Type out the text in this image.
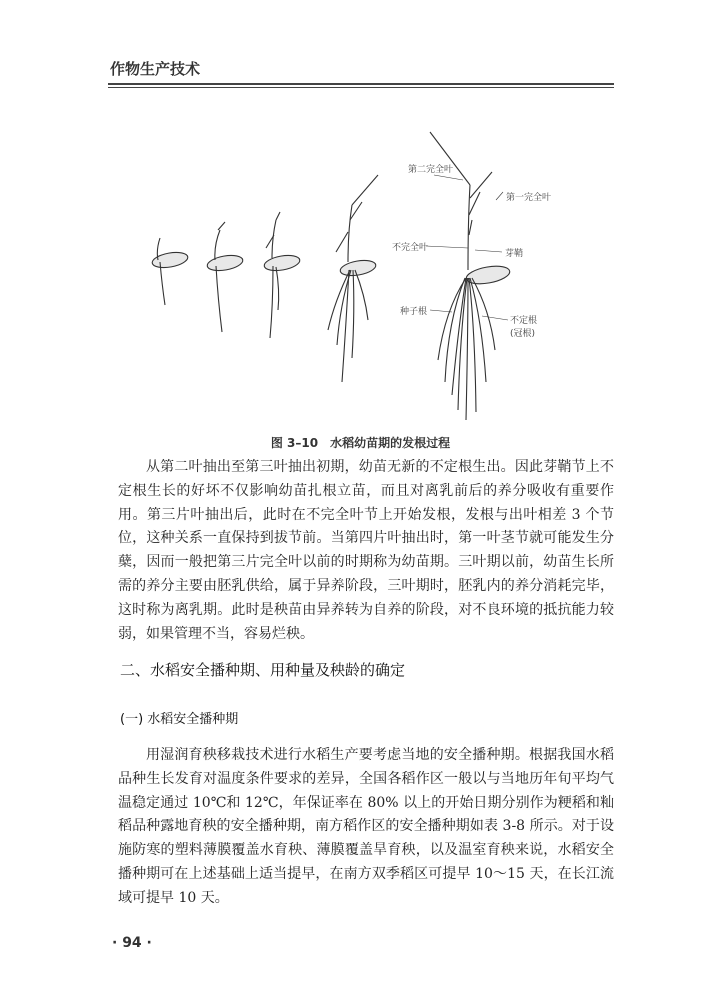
作物生产技术
第二完全叶
第一完全叶
不完全叶
芽鞘
种子根
不定根
(冠根)
图 3–10　水稻幼苗期的发根过程

从第二叶抽出至第三叶抽出初期，幼苗无新的不定根生出。因此芽鞘节上不定根生长的好坏不仅影响幼苗扎根立苗，而且对离乳前后的养分吸收有重要作用。第三片叶抽出后，此时在不完全叶节上开始发根，发根与出叶相差 3 个节位，这种关系一直保持到拔节前。当第四片叶抽出时，第一叶茎节就可能发生分蘖，因而一般把第三片完全叶以前的时期称为幼苗期。三叶期以前，幼苗生长所需的养分主要由胚乳供给，属于异养阶段，三叶期时，胚乳内的养分消耗完毕，这时称为离乳期。此时是秧苗由异养转为自养的阶段，对不良环境的抵抗能力较弱，如果管理不当，容易烂秧。

二、水稻安全播种期、用种量及秧龄的确定
(一) 水稻安全播种期

用湿润育秧移栽技术进行水稻生产要考虑当地的安全播种期。根据我国水稻品种生长发育对温度条件要求的差异，全国各稻作区一般以与当地历年旬平均气温稳定通过 10℃和 12℃，年保证率在 80% 以上的开始日期分别作为粳稻和籼稻品种露地育秧的安全播种期，南方稻作区的安全播种期如表 3-8 所示。对于设施防寒的塑料薄膜覆盖水育秧、薄膜覆盖旱育秧，以及温室育秧来说，水稻安全播种期可在上述基础上适当提早，在南方双季稻区可提早 10～15 天，在长江流域可提早 10 天。

· 94 ·
